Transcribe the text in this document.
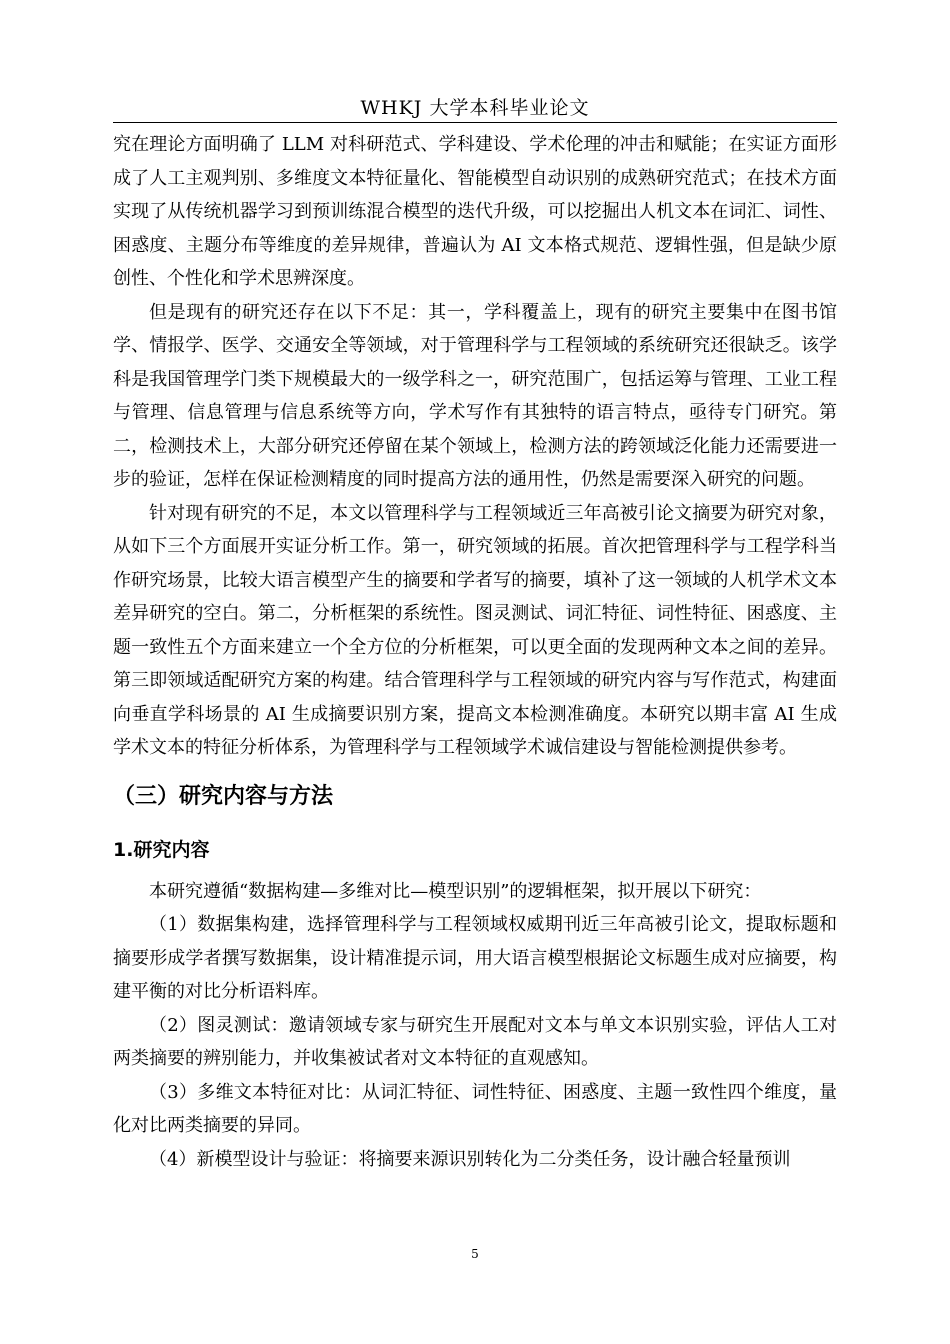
WHKJ 大学本科毕业论文

究在理论方面明确了 LLM 对科研范式、学科建设、学术伦理的冲击和赋能；在实证方面形成了人工主观判别、多维度文本特征量化、智能模型自动识别的成熟研究范式；在技术方面实现了从传统机器学习到预训练混合模型的迭代升级，可以挖掘出人机文本在词汇、词性、困惑度、主题分布等维度的差异规律，普遍认为 AI 文本格式规范、逻辑性强，但是缺少原创性、个性化和学术思辨深度。

但是现有的研究还存在以下不足：其一，学科覆盖上，现有的研究主要集中在图书馆学、情报学、医学、交通安全等领域，对于管理科学与工程领域的系统研究还很缺乏。该学科是我国管理学门类下规模最大的一级学科之一，研究范围广，包括运筹与管理、工业工程与管理、信息管理与信息系统等方向，学术写作有其独特的语言特点，亟待专门研究。第二，检测技术上，大部分研究还停留在某个领域上，检测方法的跨领域泛化能力还需要进一步的验证，怎样在保证检测精度的同时提高方法的通用性，仍然是需要深入研究的问题。

针对现有研究的不足，本文以管理科学与工程领域近三年高被引论文摘要为研究对象，从如下三个方面展开实证分析工作。第一，研究领域的拓展。首次把管理科学与工程学科当作研究场景，比较大语言模型产生的摘要和学者写的摘要，填补了这一领域的人机学术文本差异研究的空白。第二，分析框架的系统性。图灵测试、词汇特征、词性特征、困惑度、主题一致性五个方面来建立一个全方位的分析框架，可以更全面的发现两种文本之间的差异。第三即领域适配研究方案的构建。结合管理科学与工程领域的研究内容与写作范式，构建面向垂直学科场景的 AI 生成摘要识别方案，提高文本检测准确度。本研究以期丰富 AI 生成学术文本的特征分析体系，为管理科学与工程领域学术诚信建设与智能检测提供参考。

（三）研究内容与方法
1.研究内容

本研究遵循“数据构建—多维对比—模型识别”的逻辑框架，拟开展以下研究：

（1）数据集构建，选择管理科学与工程领域权威期刊近三年高被引论文，提取标题和摘要形成学者撰写数据集，设计精准提示词，用大语言模型根据论文标题生成对应摘要，构建平衡的对比分析语料库。

（2）图灵测试：邀请领域专家与研究生开展配对文本与单文本识别实验，评估人工对两类摘要的辨别能力，并收集被试者对文本特征的直观感知。

（3）多维文本特征对比：从词汇特征、词性特征、困惑度、主题一致性四个维度，量化对比两类摘要的异同。

（4）新模型设计与验证：将摘要来源识别转化为二分类任务，设计融合轻量预训

5
